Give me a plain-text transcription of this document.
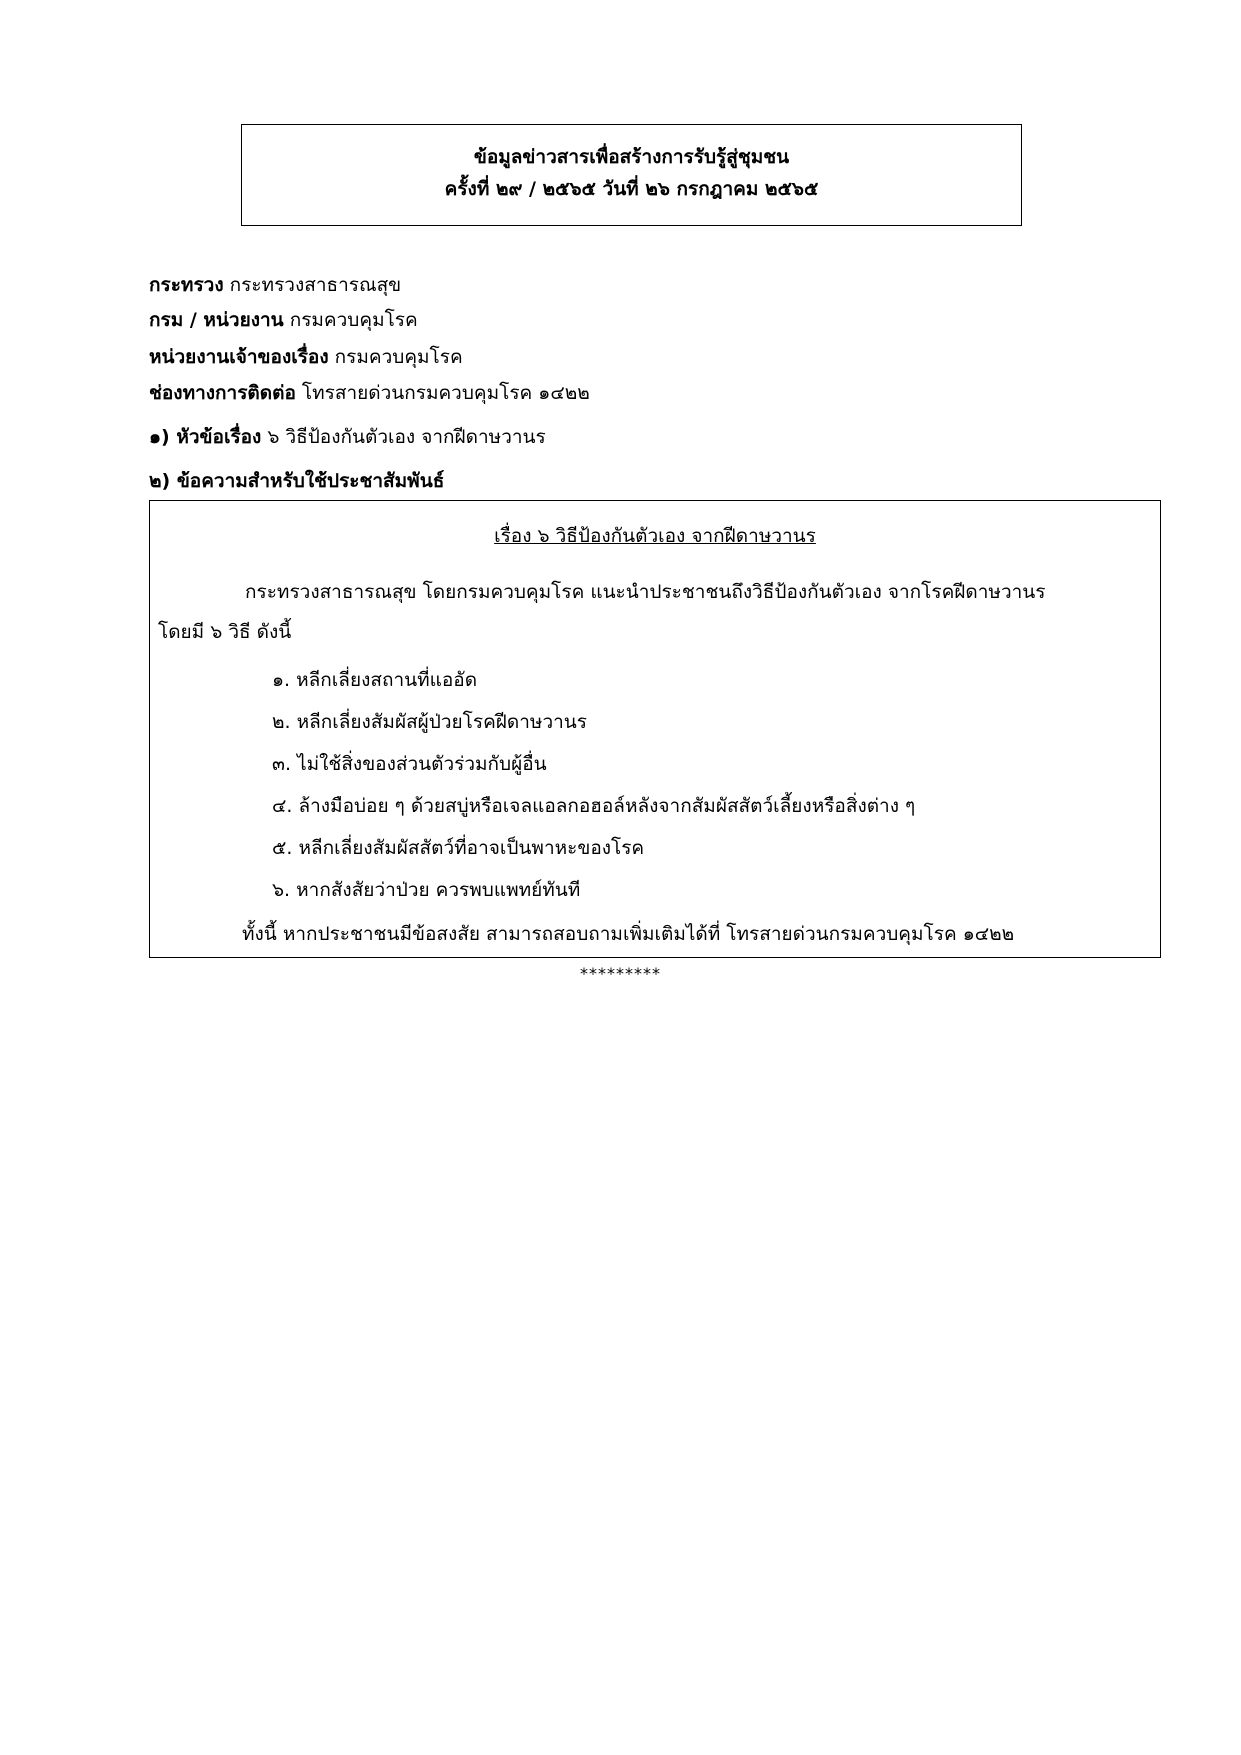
ข้อมูลข่าวสารเพื่อสร้างการรับรู้สู่ชุมชน
ครั้งที่ ๒๙ / ๒๕๖๕ วันที่ ๒๖ กรกฎาคม ๒๕๖๕
กระทรวง กระทรวงสาธารณสุข
กรม / หน่วยงาน กรมควบคุมโรค
หน่วยงานเจ้าของเรื่อง กรมควบคุมโรค
ช่องทางการติดต่อ โทรสายด่วนกรมควบคุมโรค ๑๔๒๒
๑) หัวข้อเรื่อง ๖ วิธีป้องกันตัวเอง จากฝีดาษวานร
๒) ข้อความสำหรับใช้ประชาสัมพันธ์
เรื่อง ๖ วิธีป้องกันตัวเอง จากฝีดาษวานร
กระทรวงสาธารณสุข โดยกรมควบคุมโรค แนะนำประชาชนถึงวิธีป้องกันตัวเอง จากโรคฝีดาษวานร
โดยมี ๖ วิธี ดังนี้
๑. หลีกเลี่ยงสถานที่แออัด
๒. หลีกเลี่ยงสัมผัสผู้ป่วยโรคฝีดาษวานร
๓. ไม่ใช้สิ่งของส่วนตัวร่วมกับผู้อื่น
๔. ล้างมือบ่อย ๆ ด้วยสบู่หรือเจลแอลกอฮอล์หลังจากสัมผัสสัตว์เลี้ยงหรือสิ่งต่าง ๆ
๕. หลีกเลี่ยงสัมผัสสัตว์ที่อาจเป็นพาหะของโรค
๖. หากสังสัยว่าป่วย ควรพบแพทย์ทันที
ทั้งนี้ หากประชาชนมีข้อสงสัย สามารถสอบถามเพิ่มเติมได้ที่ โทรสายด่วนกรมควบคุมโรค ๑๔๒๒
*********
